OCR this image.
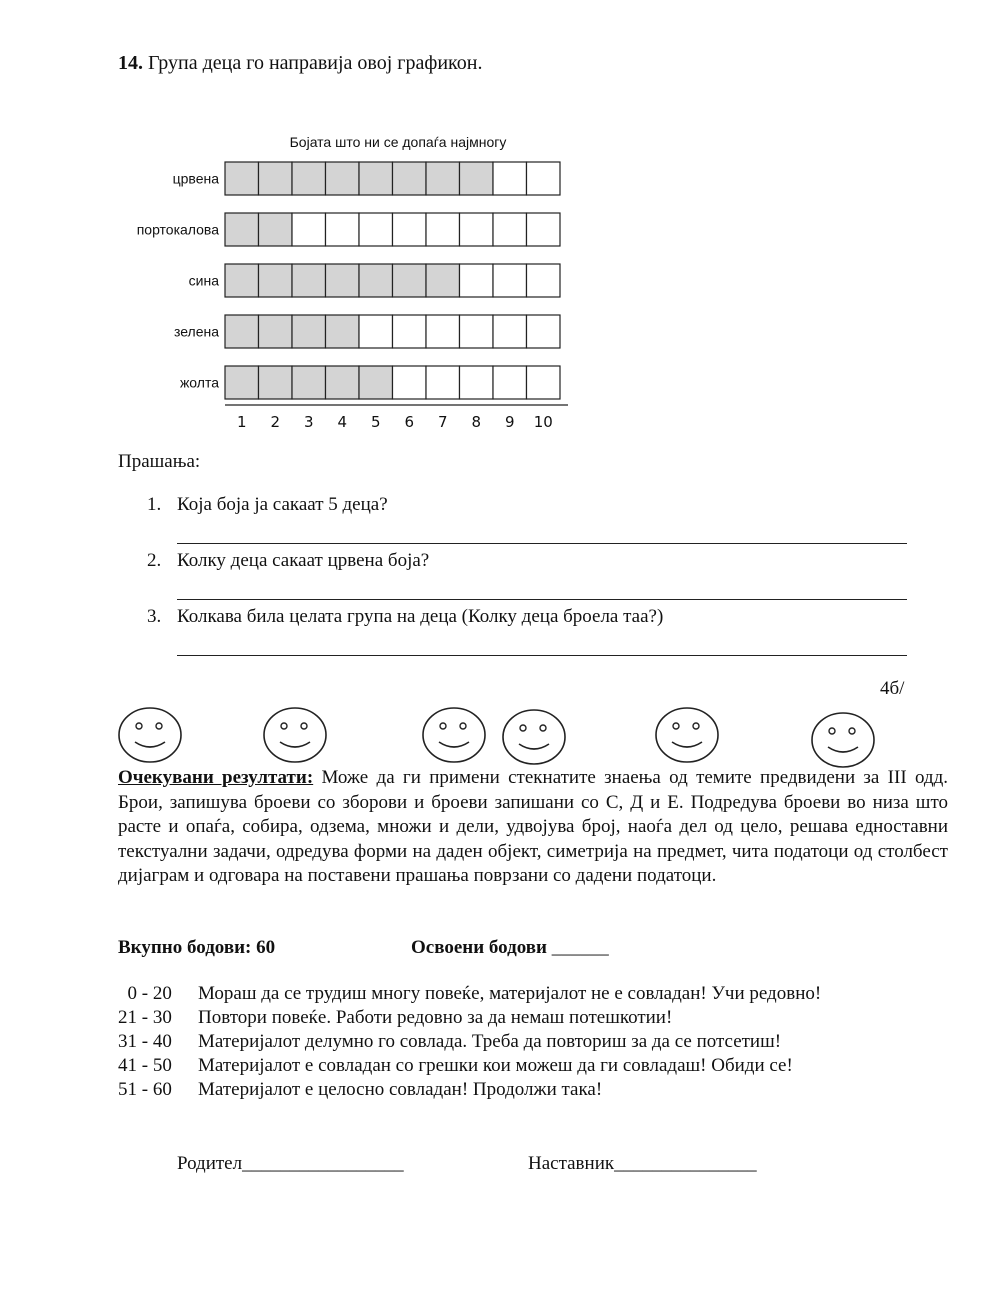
14. Група деца го направија овој графикон.
Бојата што ни се допаѓа најмногу
црвена
портокалова
сина
зелена
жолта
1 2 3 4 5 6 7 8 9 10
Прашања:
1. Која боја ја сакаат 5 деца?
2. Колку деца сакаат црвена боја?
3. Колкава била целата група на деца (Колку деца броела таа?)
4б/
Очекувани резултати: Може да ги примени стекнатите знаења од темите предвидени за III одд. Брои, запишува броеви со зборови и броеви запишани со С, Д и Е. Подредува броеви во низа што расте и опаѓа, собира, одзема, множи и дели, удвојува број, наоѓа дел од цело, решава едноставни текстуални задачи, одредува форми на даден објект, симетрија на предмет, чита податоци од столбест дијаграм и одговара на поставени прашања поврзани со дадени податоци.
Вкупно бодови: 60	Освоени бодови ______
0 - 20 Мораш да се трудиш многу повеќе, материјалот не е совладан! Учи редовно!
21 - 30 Повтори повеќе. Работи редовно за да немаш потешкотии!
31 - 40 Материјалот делумно го совлада. Треба да повториш за да се потсетиш!
41 - 50 Материјалот е совладан со грешки кои можеш да ги совладаш! Обиди се!
51 - 60 Материјалот е целосно совладан! Продолжи така!
Родител_________________	Наставник_______________
